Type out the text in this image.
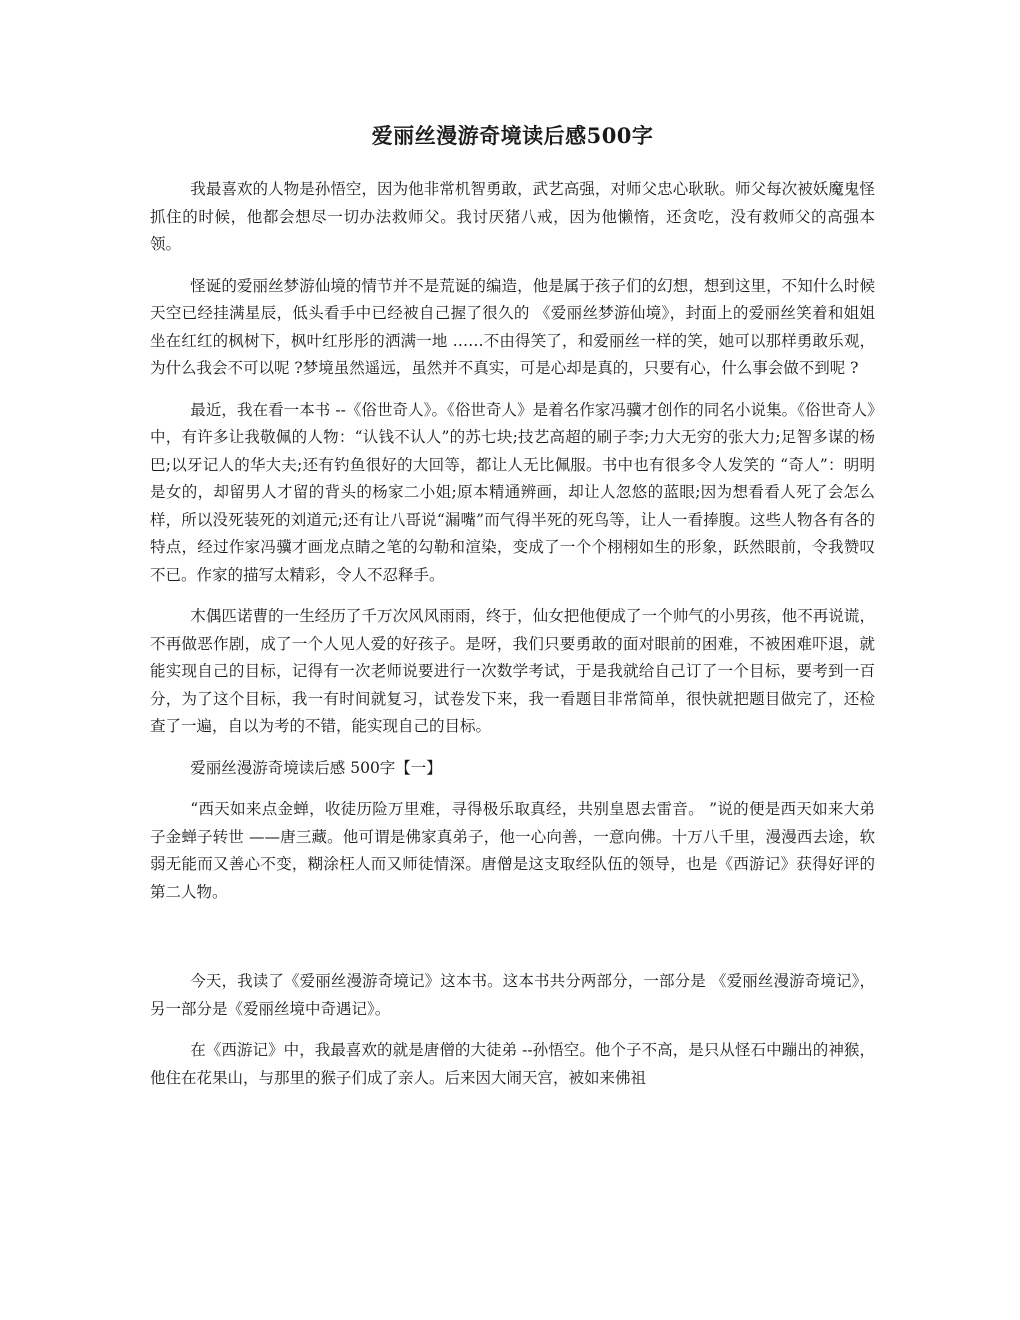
爱丽丝漫游奇境读后感500字

我最喜欢的人物是孙悟空，因为他非常机智勇敢，武艺高强，对师父忠心耿耿。师父每次被妖魔鬼怪抓住的时候，他都会想尽一切办法救师父。我讨厌猪八戒，因为他懒惰，还贪吃，没有救师父的高强本领。

怪诞的爱丽丝梦游仙境的情节并不是荒诞的编造，他是属于孩子们的幻想，想到这里，不知什么时候天空已经挂满星辰，低头看手中已经被自己握了很久的 《爱丽丝梦游仙境》，封面上的爱丽丝笑着和姐姐坐在红红的枫树下，枫叶红彤彤的洒满一地 ……不由得笑了，和爱丽丝一样的笑，她可以那样勇敢乐观，为什么我会不可以呢 ?梦境虽然遥远，虽然并不真实，可是心却是真的，只要有心，什么事会做不到呢 ?

最近，我在看一本书 --《俗世奇人》。《俗世奇人》是着名作家冯骥才创作的同名小说集。《俗世奇人》中，有许多让我敬佩的人物：“认钱不认人”的苏七块;技艺高超的刷子李;力大无穷的张大力;足智多谋的杨巴;以牙记人的华大夫;还有钓鱼很好的大回等，都让人无比佩服。书中也有很多令人发笑的 “奇人”：明明是女的，却留男人才留的背头的杨家二小姐;原本精通辨画，却让人忽悠的蓝眼;因为想看看人死了会怎么样，所以没死装死的刘道元;还有让八哥说“漏嘴”而气得半死的死鸟等，让人一看捧腹。这些人物各有各的特点，经过作家冯骥才画龙点睛之笔的勾勒和渲染，变成了一个个栩栩如生的形象，跃然眼前，令我赞叹不已。作家的描写太精彩，令人不忍释手。

木偶匹诺曹的一生经历了千万次风风雨雨，终于，仙女把他便成了一个帅气的小男孩，他不再说谎，不再做恶作剧，成了一个人见人爱的好孩子。是呀，我们只要勇敢的面对眼前的困难，不被困难吓退，就能实现自己的目标，记得有一次老师说要进行一次数学考试，于是我就给自己订了一个目标，要考到一百分，为了这个目标，我一有时间就复习，试卷发下来，我一看题目非常简单，很快就把题目做完了，还检查了一遍，自以为考的不错，能实现自己的目标。

爱丽丝漫游奇境读后感 500字【一】

“西天如来点金蝉，收徒历险万里难，寻得极乐取真经，共别皇恩去雷音。 ”说的便是西天如来大弟子金蝉子转世 ——唐三藏。他可谓是佛家真弟子，他一心向善，一意向佛。十万八千里，漫漫西去途，软弱无能而又善心不变，糊涂枉人而又师徒情深。唐僧是这支取经队伍的领导，也是《西游记》获得好评的第二人物。

今天，我读了《爱丽丝漫游奇境记》这本书。这本书共分两部分，一部分是 《爱丽丝漫游奇境记》，另一部分是《爱丽丝境中奇遇记》。

在《西游记》中，我最喜欢的就是唐僧的大徒弟 --孙悟空。他个子不高，是只从怪石中蹦出的神猴，他住在花果山，与那里的猴子们成了亲人。后来因大闹天宫，被如来佛祖
